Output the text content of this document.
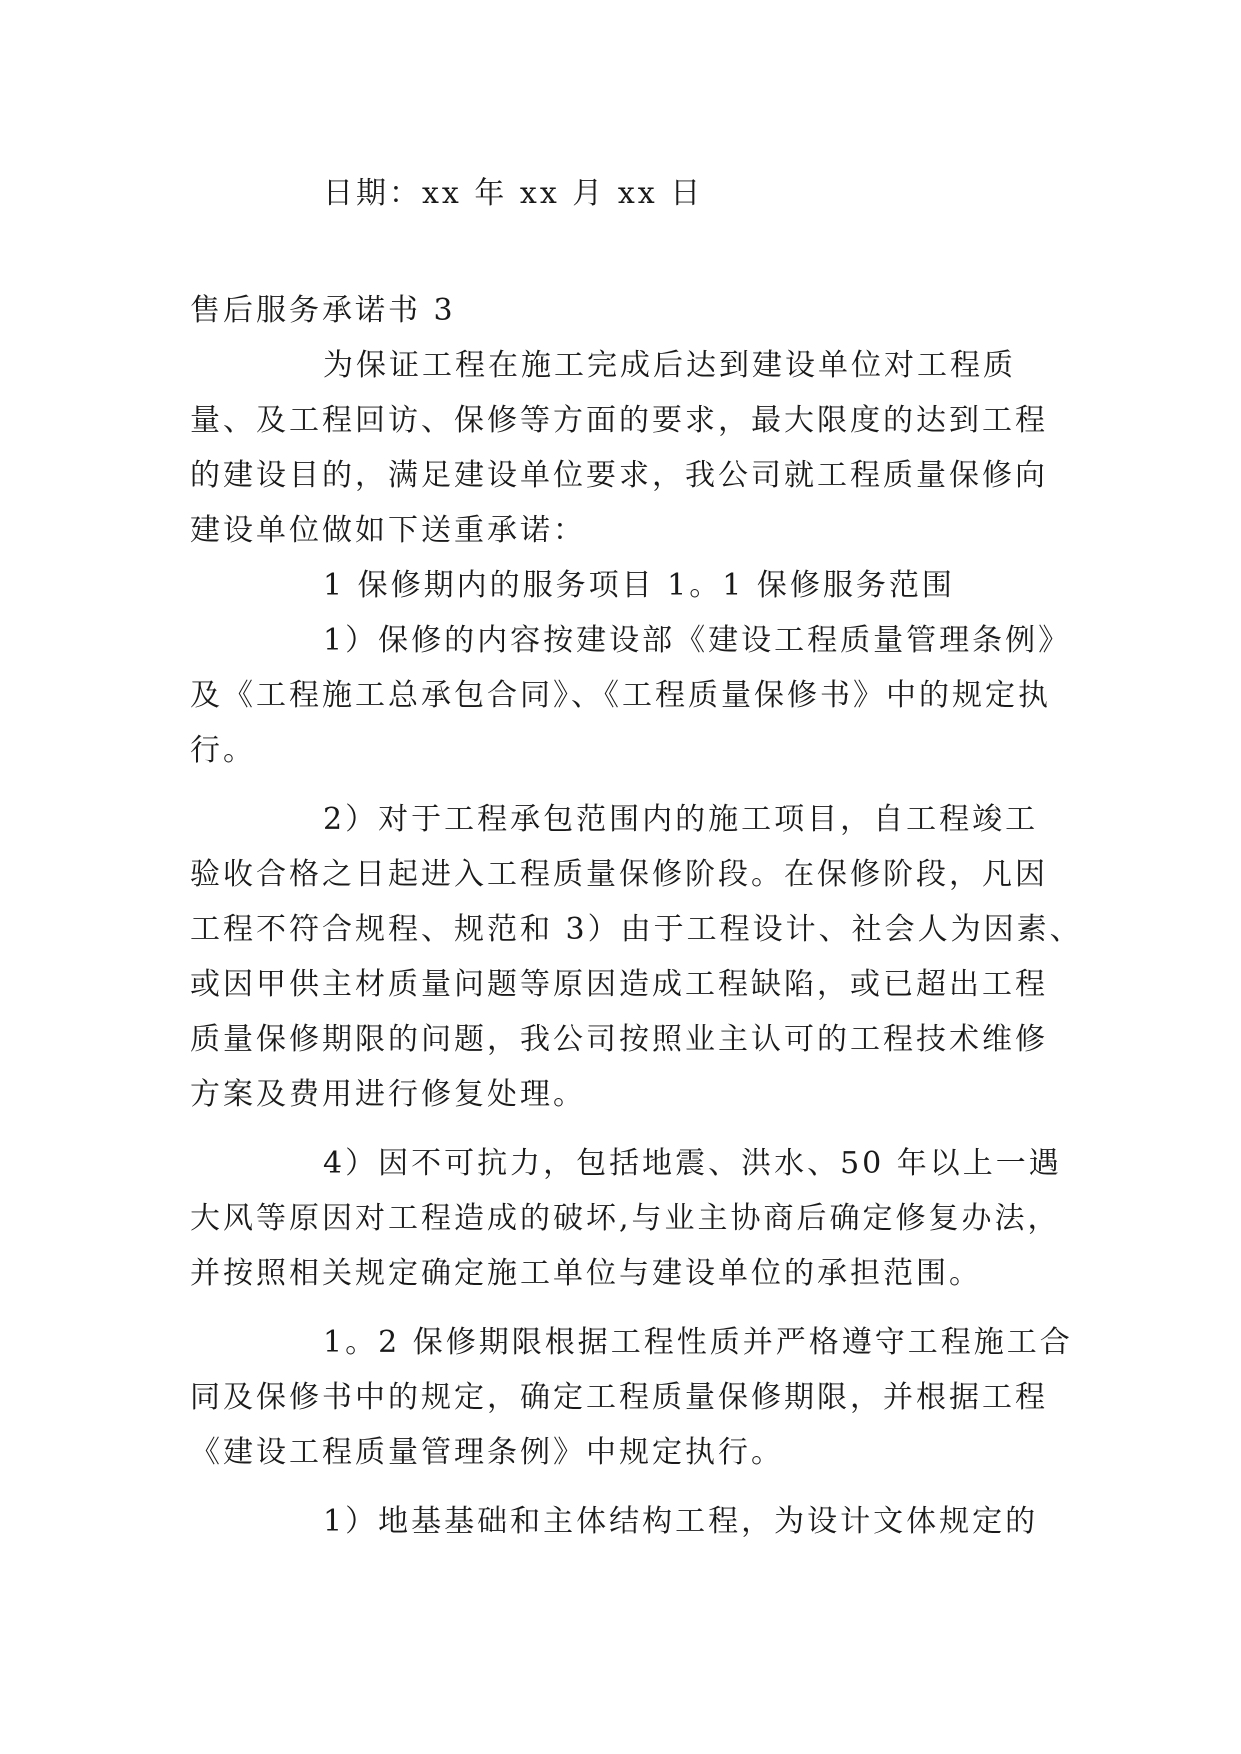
日期：xx 年 xx 月 xx 日
售后服务承诺书 3
为保证工程在施工完成后达到建设单位对工程质
量、及工程回访、保修等方面的要求，最大限度的达到工程
的建设目的，满足建设单位要求，我公司就工程质量保修向
建设单位做如下送重承诺：
1 保修期内的服务项目 1。1 保修服务范围
1）保修的内容按建设部《建设工程质量管理条例》
及《工程施工总承包合同》、《工程质量保修书》中的规定执
行。
2）对于工程承包范围内的施工项目，自工程竣工
验收合格之日起进入工程质量保修阶段。在保修阶段，凡因
工程不符合规程、规范和 3）由于工程设计、社会人为因素、
或因甲供主材质量问题等原因造成工程缺陷，或已超出工程
质量保修期限的问题，我公司按照业主认可的工程技术维修
方案及费用进行修复处理。
4）因不可抗力，包括地震、洪水、50 年以上一遇
大风等原因对工程造成的破坏,与业主协商后确定修复办法，
并按照相关规定确定施工单位与建设单位的承担范围。
1。2 保修期限根据工程性质并严格遵守工程施工合
同及保修书中的规定，确定工程质量保修期限，并根据工程
《建设工程质量管理条例》中规定执行。
1）地基基础和主体结构工程，为设计文体规定的
